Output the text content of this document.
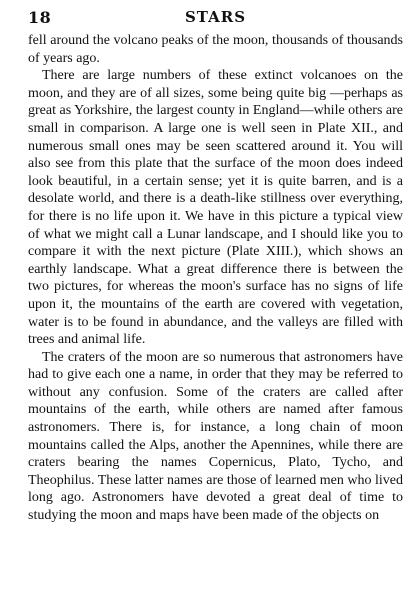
18	STARS

fell around the volcano peaks of the moon, thousands of thousands of years ago.

There are large numbers of these extinct volcanoes on the moon, and they are of all sizes, some being quite big —perhaps as great as Yorkshire, the largest county in England—while others are small in comparison. A large one is well seen in Plate XII., and numerous small ones may be seen scattered around it. You will also see from this plate that the surface of the moon does indeed look beautiful, in a certain sense; yet it is quite barren, and is a desolate world, and there is a death-like stillness over everything, for there is no life upon it. We have in this picture a typical view of what we might call a Lunar landscape, and I should like you to compare it with the next picture (Plate XIII.), which shows an earthly landscape. What a great difference there is between the two pictures, for whereas the moon's surface has no signs of life upon it, the mountains of the earth are covered with vegetation, water is to be found in abundance, and the valleys are filled with trees and animal life.

The craters of the moon are so numerous that astronomers have had to give each one a name, in order that they may be referred to without any confusion. Some of the craters are called after mountains of the earth, while others are named after famous astronomers. There is, for instance, a long chain of moon mountains called the Alps, another the Apennines, while there are craters bearing the names Copernicus, Plato, Tycho, and Theophilus. These latter names are those of learned men who lived long ago. Astronomers have devoted a great deal of time to studying the moon and maps have been made of the objects on
